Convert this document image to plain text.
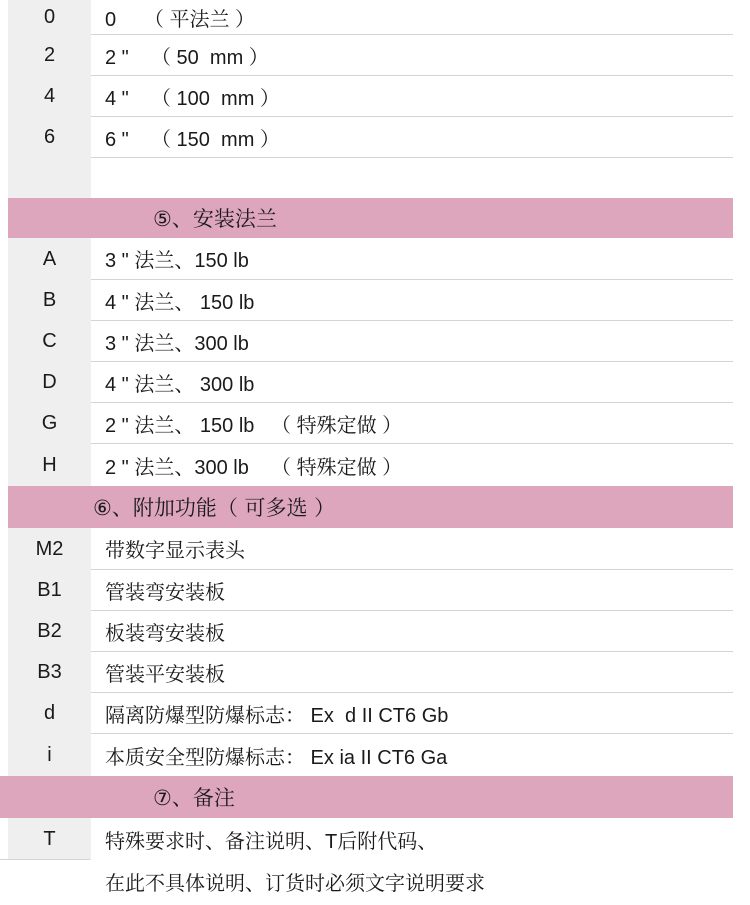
0	0     （ 平法兰 ）
2	2 "    （ 50  mm ）
4	4 "    （ 100  mm ）
6	6 "    （ 150  mm ）
⑤、安装法兰
A	3 " 法兰、150 lb
B	4 " 法兰、 150 lb
C	3 " 法兰、300 lb
D	4 " 法兰、 300 lb
G	2 " 法兰、 150 lb   （ 特殊定做 ）
H	2 " 法兰、300 lb    （ 特殊定做 ）
⑥、附加功能（ 可多选 ）
M2	带数字显示表头
B1	管装弯安装板
B2	板装弯安装板
B3	管装平安装板
d	隔离防爆型防爆标志： Ex  d II CT6 Gb
i	本质安全型防爆标志： Ex ia II CT6 Ga
⑦、备注
T	特殊要求时、备注说明、T后附代码、
在此不具体说明、订货时必须文字说明要求
